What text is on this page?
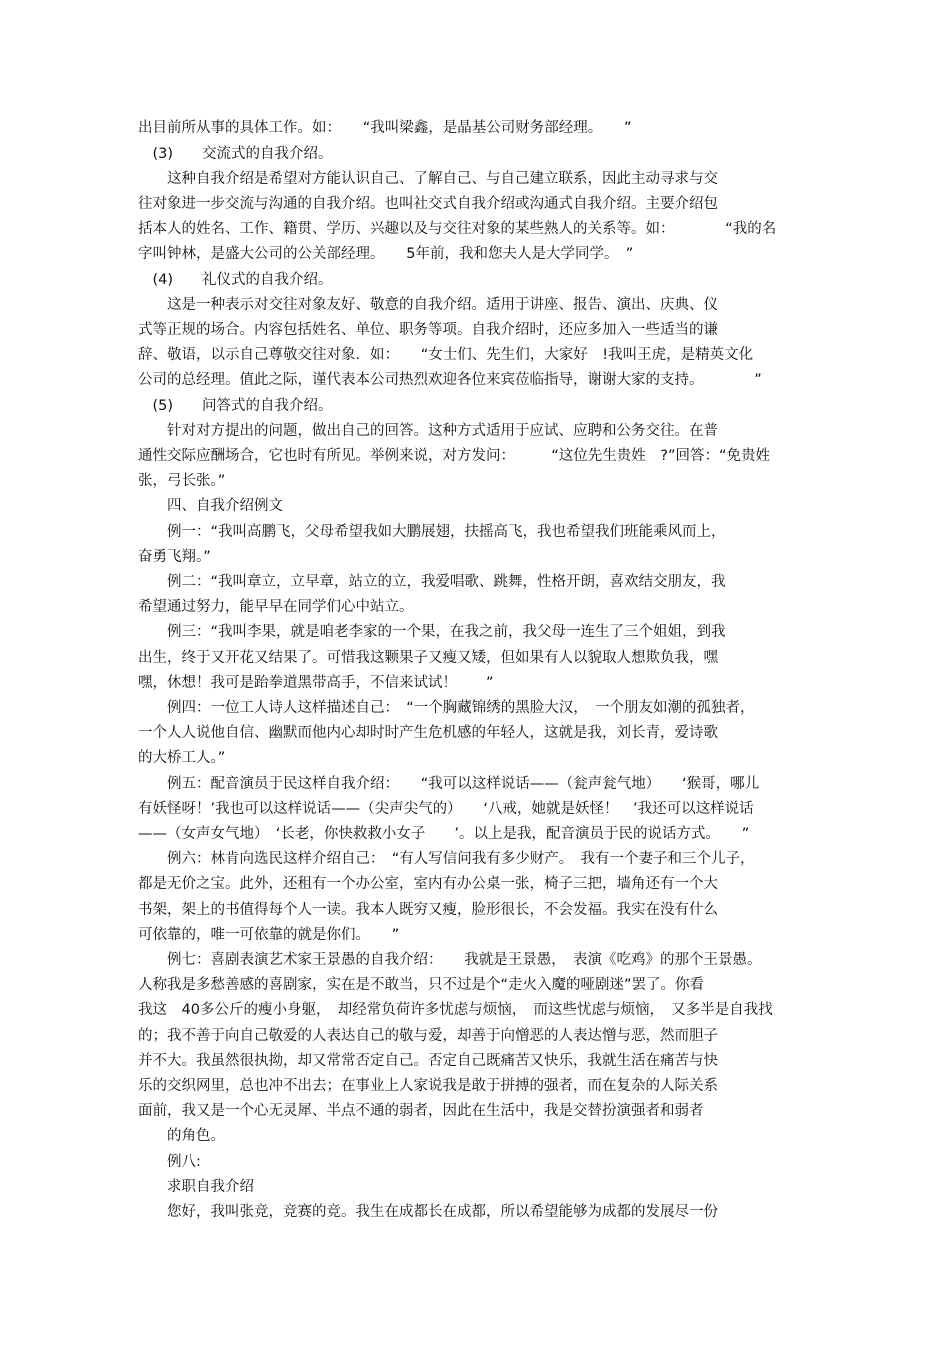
出目前所从事的具体工作。如：　　“我叫梁鑫，是晶基公司财务部经理。　　”
　(3)　　交流式的自我介绍。
　　这种自我介绍是希望对方能认识自己、了解自己、与自己建立联系，因此主动寻求与交
往对象进一步交流与沟通的自我介绍。也叫社交式自我介绍或沟通式自我介绍。主要介绍包
括本人的姓名、工作、籍贯、学历、兴趣以及与交往对象的某些熟人的关系等。如：　　　　“我的名
字叫钟林，是盛大公司的公关部经理。　　5年前，我和您夫人是大学同学。　”
　(4)　　礼仪式的自我介绍。
　　这是一种表示对交往对象友好、敬意的自我介绍。适用于讲座、报告、演出、庆典、仪
式等正规的场合。内容包括姓名、单位、职务等项。自我介绍时，还应多加入一些适当的谦
辞、敬语，以示自己尊敬交往对象．如：　　“女士们、先生们，大家好　!我叫王虎，是精英文化
公司的总经理。值此之际，谨代表本公司热烈欢迎各位来宾莅临指导，谢谢大家的支持。　　　　”
　(5)　　问答式的自我介绍。
　　针对对方提出的问题，做出自己的回答。这种方式适用于应试、应聘和公务交往。在普
通性交际应酬场合，它也时有所见。举例来说，对方发问：　　　“这位先生贵姓　?”回答：“免贵姓
张，弓长张。”
　　四、自我介绍例文
　　例一：“我叫高鹏飞，父母希望我如大鹏展翅，扶摇高飞，我也希望我们班能乘风而上，
奋勇飞翔。”
　　例二：“我叫章立，立早章，站立的立，我爱唱歌、跳舞，性格开朗，喜欢结交朋友，我
希望通过努力，能早早在同学们心中站立。
　　例三：“我叫李果，就是咱老李家的一个果，在我之前，我父母一连生了三个姐姐，到我
出生，终于又开花又结果了。可惜我这颗果子又瘦又矮，但如果有人以貌取人想欺负我，嘿
嘿，休想！我可是跆拳道黑带高手，不信来试试！　　”
　　例四：一位工人诗人这样描述自己：　“一个胸藏锦绣的黑脸大汉，　一个朋友如潮的孤独者，
一个人人说他自信、幽默而他内心却时时产生危机感的年轻人，这就是我，刘长青，爱诗歌
的大桥工人。”
　　例五：配音演员于民这样自我介绍：　　“我可以这样说话——（瓮声瓮气地）　　‘猴哥，哪儿
有妖怪呀！’我也可以这样说话——（尖声尖气的）　　‘八戒，她就是妖怪！　’我还可以这样说话
——（女声女气地）　‘长老，你快救救小女子　　’。以上是我，配音演员于民的说话方式。　　”
　　例六：林肯向选民这样介绍自己：　“有人写信问我有多少财产。　我有一个妻子和三个儿子，
都是无价之宝。此外，还租有一个办公室，室内有办公桌一张，椅子三把，墙角还有一个大
书架，架上的书值得每个人一读。我本人既穷又瘦，脸形很长，不会发福。我实在没有什么
可依靠的，唯一可依靠的就是你们。　　”
　　例七：喜剧表演艺术家王景愚的自我介绍：　　我就是王景愚，　表演《吃鸡》的那个王景愚。
人称我是多愁善感的喜剧家，实在是不敢当，只不过是个“走火入魔的哑剧迷”罢了。你看
我这　40多公斤的瘦小身躯，　却经常负荷许多忧虑与烦恼，　而这些忧虑与烦恼，　又多半是自我找
的；我不善于向自己敬爱的人表达自己的敬与爱，却善于向憎恶的人表达憎与恶，然而胆子
并不大。我虽然很执拗，却又常常否定自己。否定自己既痛苦又快乐，我就生活在痛苦与快
乐的交织网里，总也冲不出去；在事业上人家说我是敢于拼搏的强者，而在复杂的人际关系
面前，我又是一个心无灵犀、半点不通的弱者，因此在生活中，我是交替扮演强者和弱者
　　的角色。
　　例八:
　　求职自我介绍
　　您好，我叫张竞，竞赛的竞。我生在成都长在成都，所以希望能够为成都的发展尽一份
